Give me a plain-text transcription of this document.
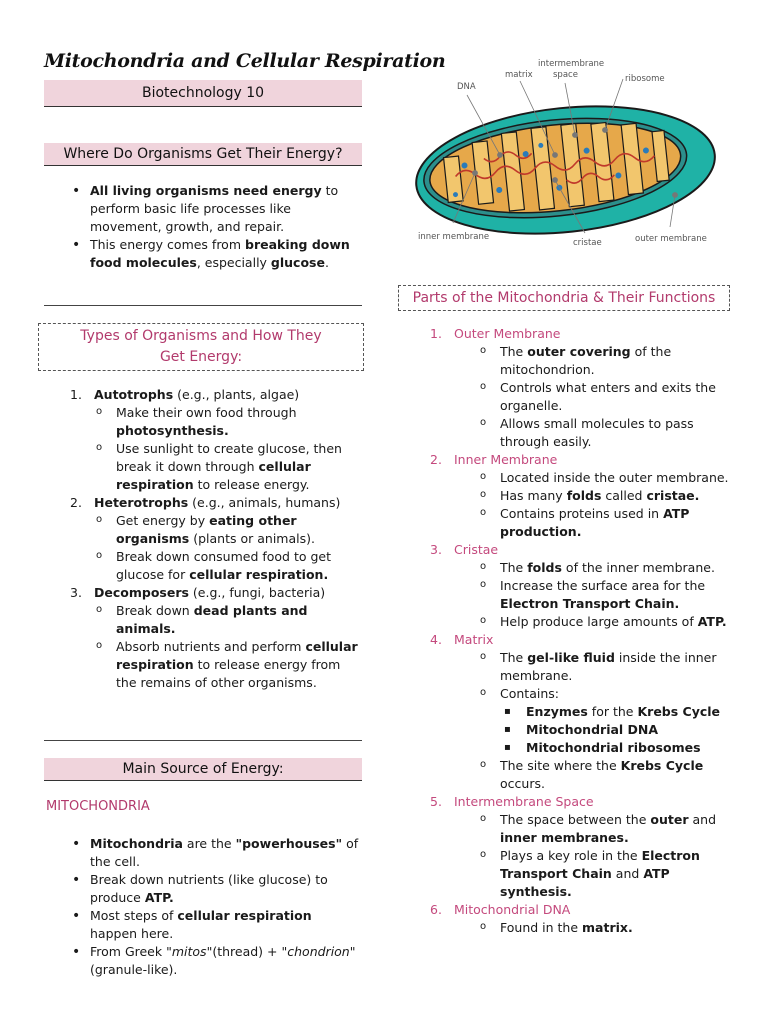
Mitochondria and Cellular Respiration
Biotechnology 10
Where Do Organisms Get Their Energy?
• All living organisms need energy to perform basic life processes like movement, growth, and repair.
• This energy comes from breaking down food molecules, especially glucose.
Types of Organisms and How They Get Energy:
1. Autotrophs (e.g., plants, algae)
o Make their own food through photosynthesis.
o Use sunlight to create glucose, then break it down through cellular respiration to release energy.
2. Heterotrophs (e.g., animals, humans)
o Get energy by eating other organisms (plants or animals).
o Break down consumed food to get glucose for cellular respiration.
3. Decomposers (e.g., fungi, bacteria)
o Break down dead plants and animals.
o Absorb nutrients and perform cellular respiration to release energy from the remains of other organisms.
Main Source of Energy:
MITOCHONDRIA
• Mitochondria are the "powerhouses" of the cell.
• Break down nutrients (like glucose) to produce ATP.
• Most steps of cellular respiration happen here.
• From Greek "mitos"(thread) + "chondrion" (granule-like).
DNA
matrix
intermembrane space	ribosome
inner membrane
cristae	outer membrane
Parts of the Mitochondria & Their Functions
1. Outer Membrane
o The outer covering of the mitochondrion.
o Controls what enters and exits the organelle.
o Allows small molecules to pass through easily.
2. Inner Membrane
o Located inside the outer membrane.
o Has many folds called cristae.
o Contains proteins used in ATP production.
3. Cristae
o The folds of the inner membrane.
o Increase the surface area for the Electron Transport Chain.
o Help produce large amounts of ATP.
4. Matrix
o The gel-like fluid inside the inner membrane.
o Contains:
▪ Enzymes for the Krebs Cycle
▪ Mitochondrial DNA
▪ Mitochondrial ribosomes
o The site where the Krebs Cycle occurs.
5. Intermembrane Space
o The space between the outer and inner membranes.
o Plays a key role in the Electron Transport Chain and ATP synthesis.
6. Mitochondrial DNA
o Found in the matrix.
